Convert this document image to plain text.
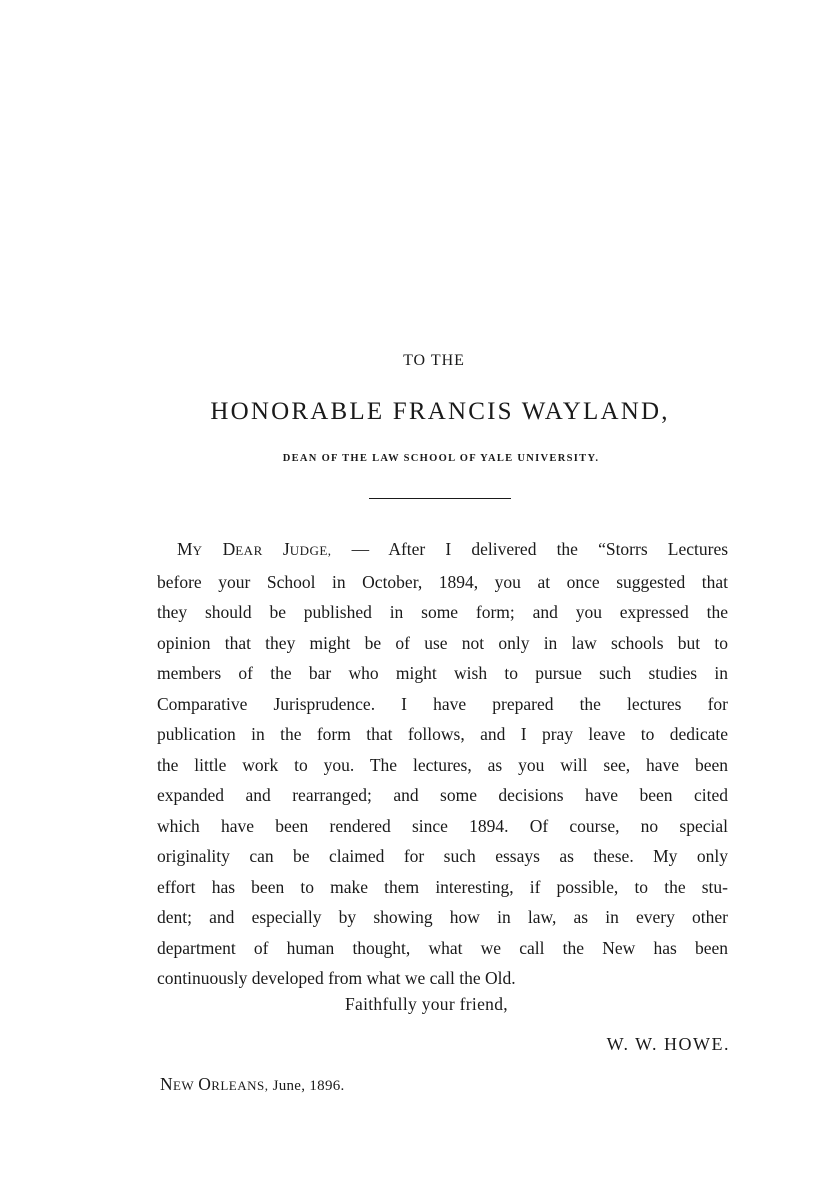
TO THE
HONORABLE FRANCIS WAYLAND,
DEAN OF THE LAW SCHOOL OF YALE UNIVERSITY.
MY DEAR JUDGE, — After I delivered the “Storrs Lectures
before your School in October, 1894, you at once suggested that
they should be published in some form; and you expressed the
opinion that they might be of use not only in law schools but to
members of the bar who might wish to pursue such studies in
Comparative Jurisprudence. I have prepared the lectures for
publication in the form that follows, and I pray leave to dedicate
the little work to you. The lectures, as you will see, have been
expanded and rearranged; and some decisions have been cited
which have been rendered since 1894. Of course, no special
originality can be claimed for such essays as these. My only
effort has been to make them interesting, if possible, to the stu-
dent; and especially by showing how in law, as in every other
department of human thought, what we call the New has been
continuously developed from what we call the Old.
Faithfully your friend,
W. W. HOWE.
NEW ORLEANS, June, 1896.
